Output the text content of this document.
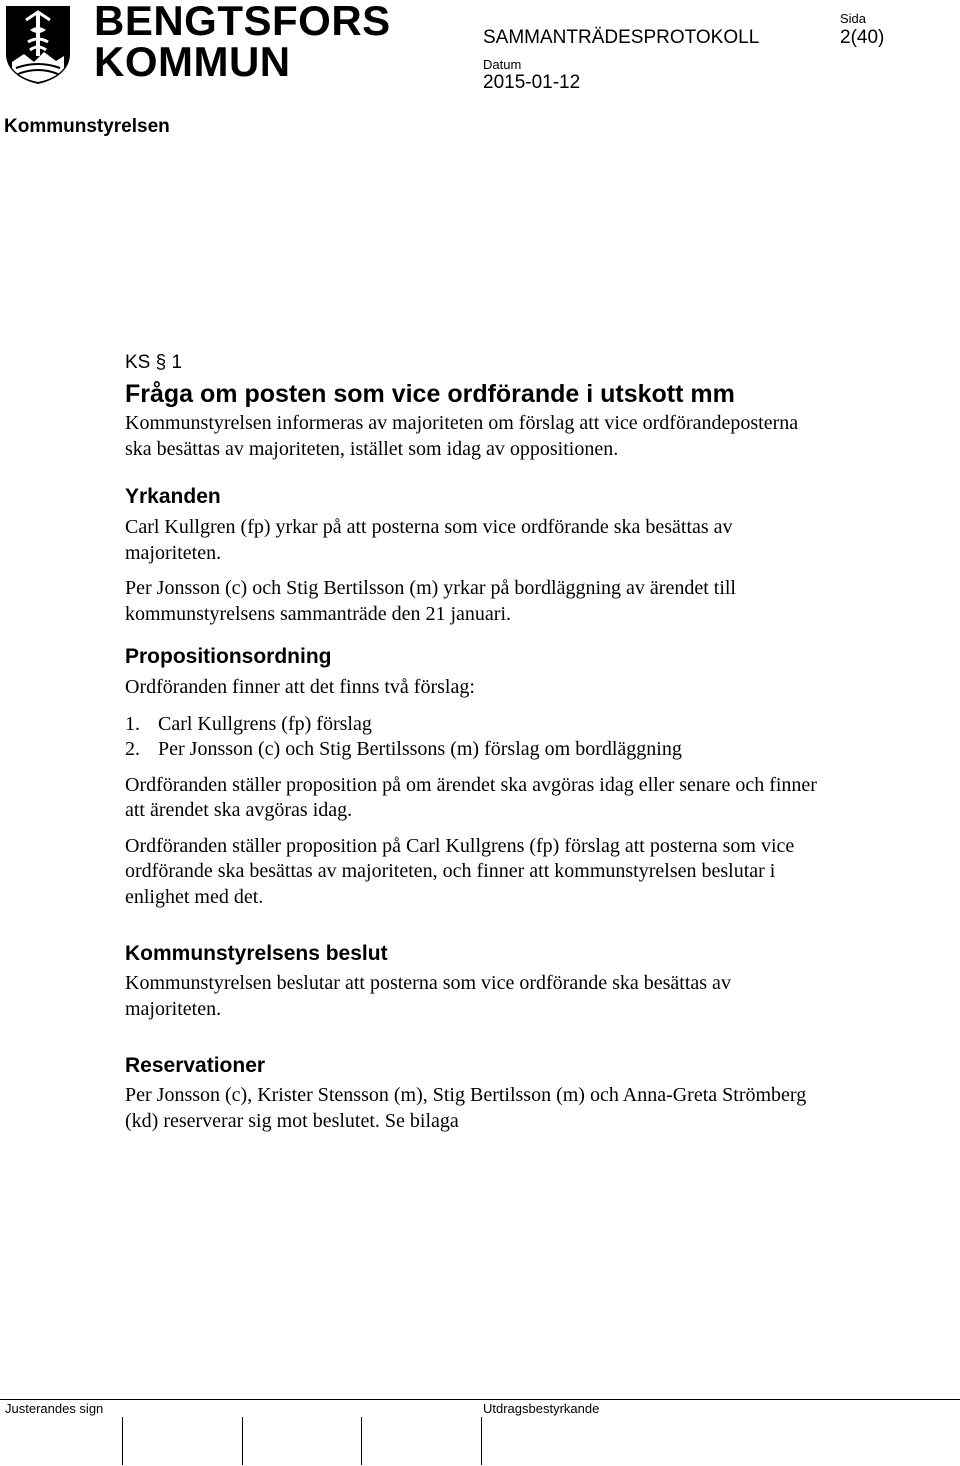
BENGTSFORS
KOMMUN
SAMMANTRÄDESPROTOKOLL
Sida
2(40)
Datum
2015-01-12
Kommunstyrelsen
KS § 1
Fråga om posten som vice ordförande i utskott mm

Kommunstyrelsen informeras av majoriteten om förslag att vice ordförandeposterna ska besättas av majoriteten, istället som idag av oppositionen.

Yrkanden

Carl Kullgren (fp) yrkar på att posterna som vice ordförande ska besättas av majoriteten.

Per Jonsson (c) och Stig Bertilsson (m) yrkar på bordläggning av ärendet till kommunstyrelsens sammanträde den 21 januari.

Propositionsordning

Ordföranden finner att det finns två förslag:

1. Carl Kullgrens (fp) förslag
2. Per Jonsson (c) och Stig Bertilssons (m) förslag om bordläggning

Ordföranden ställer proposition på om ärendet ska avgöras idag eller senare och finner att ärendet ska avgöras idag.

Ordföranden ställer proposition på Carl Kullgrens (fp) förslag att posterna som vice ordförande ska besättas av majoriteten, och finner att kommunstyrelsen beslutar i enlighet med det.

Kommunstyrelsens beslut

Kommunstyrelsen beslutar att posterna som vice ordförande ska besättas av majoriteten.

Reservationer

Per Jonsson (c), Krister Stensson (m), Stig Bertilsson (m) och Anna-Greta Strömberg (kd) reserverar sig mot beslutet. Se bilaga

Justerandes sign	Utdragsbestyrkande
